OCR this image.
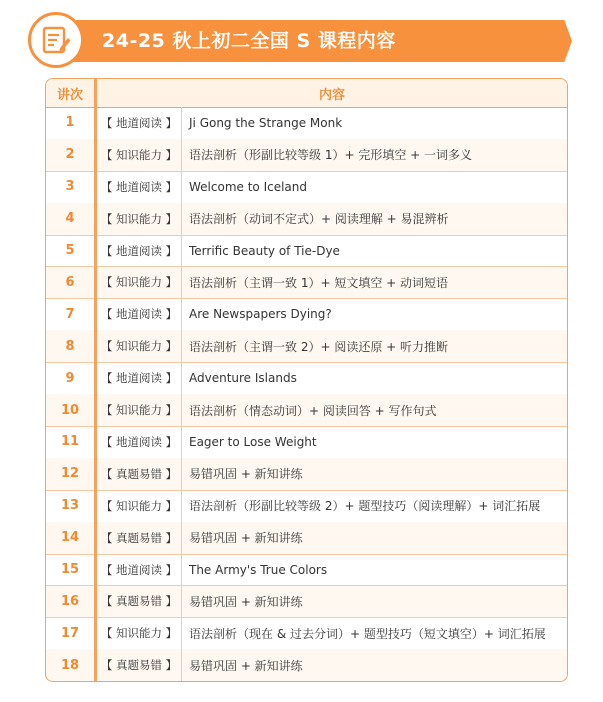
24-25 秋上初二全国 S 课程内容
讲次	内容
1	【 地道阅读 】 Ji Gong the Strange Monk
2	【 知识能力 】 语法剖析（形副比较等级 1）+ 完形填空 + 一词多义
3	【 地道阅读 】 Welcome to Iceland
4	【 知识能力 】 语法剖析（动词不定式）+ 阅读理解 + 易混辨析
5	【 地道阅读 】 Terrific Beauty of Tie-Dye
6	【 知识能力 】 语法剖析（主谓一致 1）+ 短文填空 + 动词短语
7	【 地道阅读 】 Are Newspapers Dying?
8	【 知识能力 】 语法剖析（主谓一致 2）+ 阅读还原 + 听力推断
9	【 地道阅读 】 Adventure Islands
10	【 知识能力 】 语法剖析（情态动词）+ 阅读回答 + 写作句式
11	【 地道阅读 】 Eager to Lose Weight
12	【 真题易错 】 易错巩固 + 新知讲练
13	【 知识能力 】 语法剖析（形副比较等级 2）+ 题型技巧（阅读理解）+ 词汇拓展
14	【 真题易错 】 易错巩固 + 新知讲练
15	【 地道阅读 】 The Army's True Colors
16	【 真题易错 】 易错巩固 + 新知讲练
17	【 知识能力 】 语法剖析（现在 & 过去分词）+ 题型技巧（短文填空）+ 词汇拓展
18	【 真题易错 】 易错巩固 + 新知讲练
